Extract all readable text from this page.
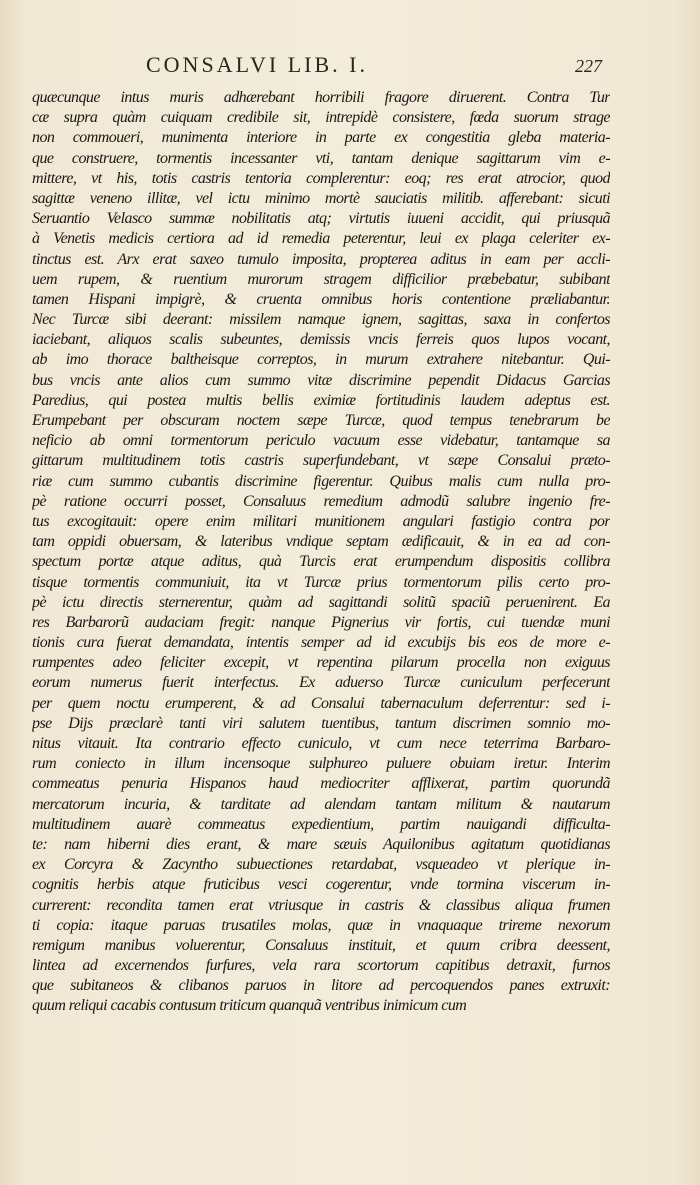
CONSALVI LIB. I.	227
quæcunque intus muris adhærebant horribili fragore diruerent. Contra Tur
cæ supra quàm cuiquam credibile sit, intrepidè consistere, fœda suorum strage
non commoueri, munimenta interiore in parte ex congestitia gleba materia-
que construere, tormentis incessanter vti, tantam denique sagittarum vim e-
mittere, vt his, totis castris tentoria complerentur: eoq; res erat atrocior, quod
sagittæ veneno illitæ, vel ictu minimo mortè sauciatis militib. afferebant: sicuti
Seruantio Velasco summæ nobilitatis atq; virtutis iuueni accidit, qui priusquã
à Venetis medicis certiora ad id remedia peterentur, leui ex plaga celeriter ex-
tinctus est. Arx erat saxeo tumulo imposita, propterea aditus in eam per accli-
uem rupem, & ruentium murorum stragem difficilior præbebatur, subibant
tamen Hispani impigrè, & cruenta omnibus horis contentione præliabantur.
Nec Turcæ sibi deerant: missilem namque ignem, sagittas, saxa in confertos
iaciebant, aliquos scalis subeuntes, demissis vncis ferreis quos lupos vocant,
ab imo thorace baltheisque correptos, in murum extrahere nitebantur. Qui-
bus vncis ante alios cum summo vitæ discrimine pependit Didacus Garcias
Paredius, qui postea multis bellis eximiæ fortitudinis laudem adeptus est.
Erumpebant per obscuram noctem sæpe Turcæ, quod tempus tenebrarum be
neficio ab omni tormentorum periculo vacuum esse videbatur, tantamque sa
gittarum multitudinem totis castris superfundebant, vt sæpe Consalui præto-
riæ cum summo cubantis discrimine figerentur. Quibus malis cum nulla pro-
pè ratione occurri posset, Consaluus remedium admodũ salubre ingenio fre-
tus excogitauit: opere enim militari munitionem angulari fastigio contra por
tam oppidi obuersam, & lateribus vndique septam ædificauit, & in ea ad con-
spectum portæ atque aditus, quà Turcis erat erumpendum dispositis collibra
tisque tormentis communiuit, ita vt Turcæ prius tormentorum pilis certo pro-
pè ictu directis sternerentur, quàm ad sagittandi solitũ spaciũ peruenirent. Ea
res Barbarorũ audaciam fregit: nanque Pignerius vir fortis, cui tuendæ muni
tionis cura fuerat demandata, intentis semper ad id excubijs bis eos de more e-
rumpentes adeo feliciter excepit, vt repentina pilarum procella non exiguus
eorum numerus fuerit interfectus. Ex aduerso Turcæ cuniculum perfecerunt
per quem noctu erumperent, & ad Consalui tabernaculum deferrentur: sed i-
pse Dijs præclarè tanti viri salutem tuentibus, tantum discrimen somnio mo-
nitus vitauit. Ita contrario effecto cuniculo, vt cum nece teterrima Barbaro-
rum coniecto in illum incensoque sulphureo puluere obuiam iretur. Interim
commeatus penuria Hispanos haud mediocriter afflixerat, partim quorundã
mercatorum incuria, & tarditate ad alendam tantam militum & nautarum
multitudinem auarè commeatus expedientium, partim nauigandi difficulta-
te: nam hiberni dies erant, & mare sæuis Aquilonibus agitatum quotidianas
ex Corcyra & Zacyntho subuectiones retardabat, vsqueadeo vt plerique in-
cognitis herbis atque fruticibus vesci cogerentur, vnde tormina viscerum in-
currerent: recondita tamen erat vtriusque in castris & classibus aliqua frumen
ti copia: itaque paruas trusatiles molas, quæ in vnaquaque trireme nexorum
remigum manibus voluerentur, Consaluus instituit, et quum cribra deessent,
lintea ad excernendos furfures, vela rara scortorum capitibus detraxit, furnos
que subitaneos & clibanos paruos in litore ad percoquendos panes extruxit:
quum reliqui cacabis contusum triticum quanquã ventribus inimicum cum
